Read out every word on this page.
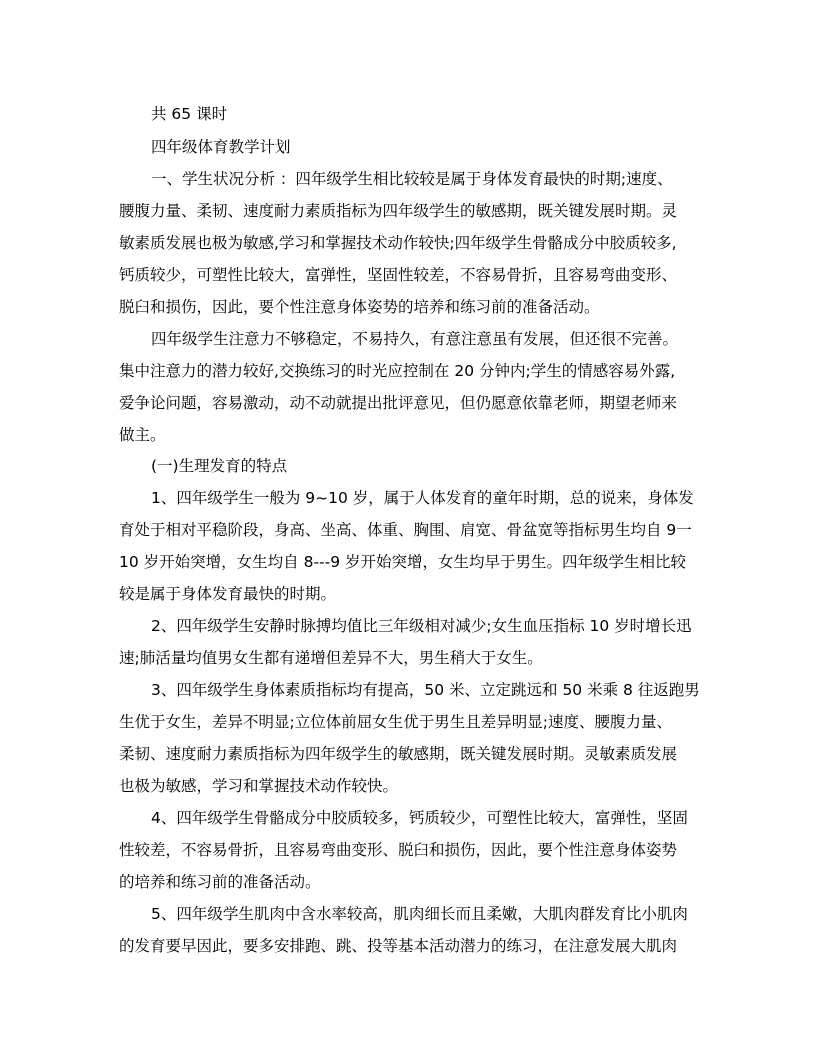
共 65 课时

四年级体育教学计划

一、学生状况分析 ：四年级学生相比较较是属于身体发育最快的时期;速度、

腰腹力量、柔韧、速度耐力素质指标为四年级学生的敏感期，既关键发展时期。灵

敏素质发展也极为敏感,学习和掌握技术动作较快;四年级学生骨骼成分中胶质较多,

钙质较少，可塑性比较大，富弹性，坚固性较差，不容易骨折，且容易弯曲变形、

脱臼和损伤，因此，要个性注意身体姿势的培养和练习前的准备活动。

四年级学生注意力不够稳定，不易持久，有意注意虽有发展，但还很不完善。

集中注意力的潜力较好,交换练习的时光应控制在 20 分钟内;学生的情感容易外露,

爱争论问题，容易激动，动不动就提出批评意见，但仍愿意依靠老师，期望老师来

做主。

(一)生理发育的特点

1、四年级学生一般为 9~10 岁，属于人体发育的童年时期，总的说来，身体发

育处于相对平稳阶段，身高、坐高、体重、胸围、肩宽、骨盆宽等指标男生均自 9一

10 岁开始突增，女生均自 8---9 岁开始突增，女生均早于男生。四年级学生相比较

较是属于身体发育最快的时期。

2、四年级学生安静时脉搏均值比三年级相对减少;女生血压指标 10 岁时增长迅

速;肺活量均值男女生都有递增但差异不大，男生稍大于女生。

3、四年级学生身体素质指标均有提高，50 米、立定跳远和 50 米乘 8 往返跑男

生优于女生，差异不明显;立位体前屈女生优于男生且差异明显;速度、腰腹力量、

柔韧、速度耐力素质指标为四年级学生的敏感期，既关键发展时期。灵敏素质发展

也极为敏感，学习和掌握技术动作较快。

4、四年级学生骨骼成分中胶质较多，钙质较少，可塑性比较大，富弹性，坚固

性较差，不容易骨折，且容易弯曲变形、脱臼和损伤，因此，要个性注意身体姿势

的培养和练习前的准备活动。

5、四年级学生肌肉中含水率较高，肌肉细长而且柔嫩，大肌肉群发育比小肌肉

的发育要早因此，要多安排跑、跳、投等基本活动潜力的练习，在注意发展大肌肉
